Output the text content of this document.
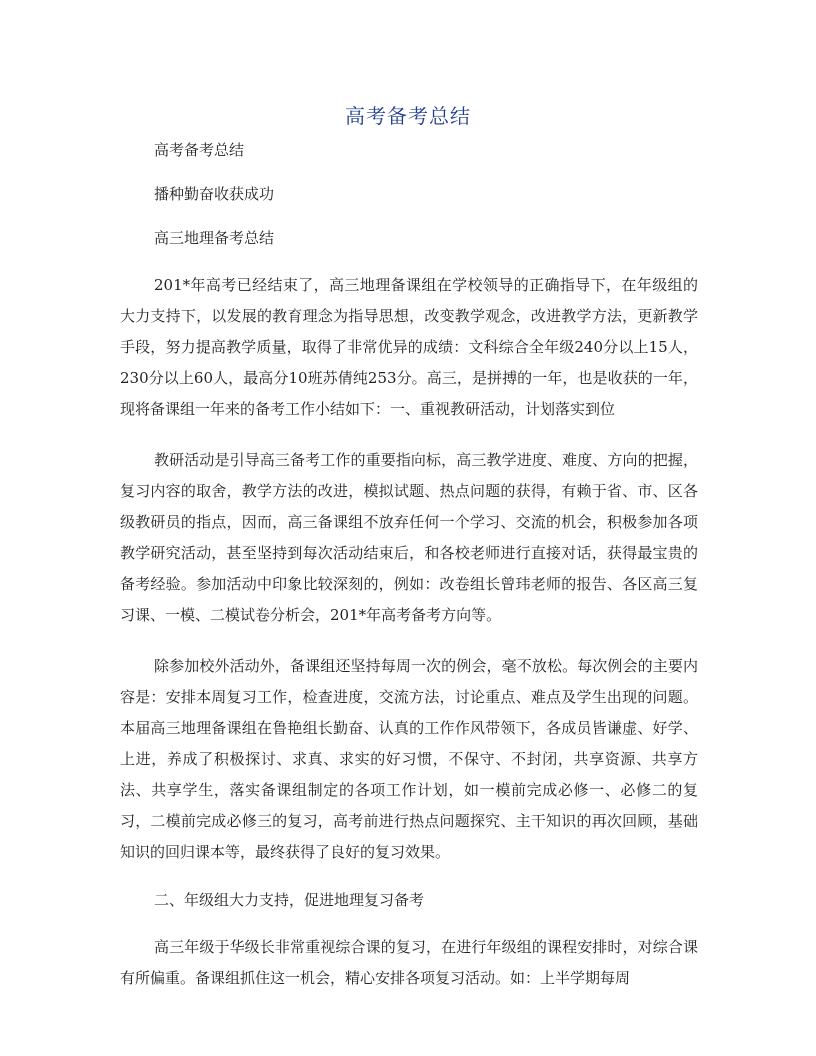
高考备考总结

高考备考总结

播种勤奋收获成功

高三地理备考总结

201*年高考已经结束了，高三地理备课组在学校领导的正确指导下，在年级组的大力支持下，以发展的教育理念为指导思想，改变教学观念，改进教学方法，更新教学手段，努力提高教学质量，取得了非常优异的成绩：文科综合全年级240分以上15人，230分以上60人，最高分10班苏倩纯253分。高三，是拼搏的一年，也是收获的一年，现将备课组一年来的备考工作小结如下：一、重视教研活动，计划落实到位

教研活动是引导高三备考工作的重要指向标，高三教学进度、难度、方向的把握，复习内容的取舍，教学方法的改进，模拟试题、热点问题的获得，有赖于省、市、区各级教研员的指点，因而，高三备课组不放弃任何一个学习、交流的机会，积极参加各项教学研究活动，甚至坚持到每次活动结束后，和各校老师进行直接对话，获得最宝贵的备考经验。参加活动中印象比较深刻的，例如：改卷组长曾玮老师的报告、各区高三复习课、一模、二模试卷分析会，201*年高考备考方向等。

除参加校外活动外，备课组还坚持每周一次的例会，毫不放松。每次例会的主要内容是：安排本周复习工作，检查进度，交流方法，讨论重点、难点及学生出现的问题。本届高三地理备课组在鲁艳组长勤奋、认真的工作作风带领下，各成员皆谦虚、好学、上进，养成了积极探讨、求真、求实的好习惯，不保守、不封闭，共享资源、共享方法、共享学生，落实备课组制定的各项工作计划，如一模前完成必修一、必修二的复习，二模前完成必修三的复习，高考前进行热点问题探究、主干知识的再次回顾，基础知识的回归课本等，最终获得了良好的复习效果。

二、年级组大力支持，促进地理复习备考

高三年级于华级长非常重视综合课的复习，在进行年级组的课程安排时，对综合课有所偏重。备课组抓住这一机会，精心安排各项复习活动。如：上半学期每周
